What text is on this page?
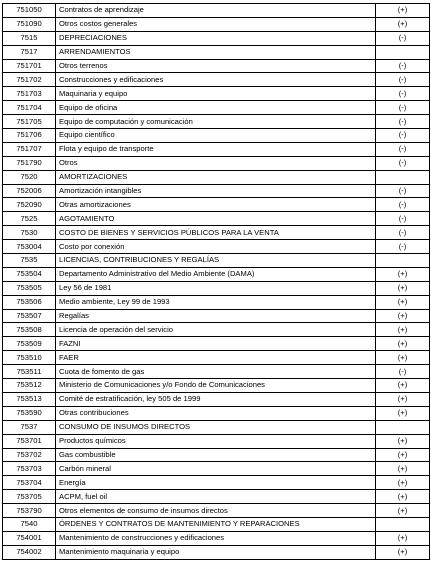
751050	Contratos de aprendizaje	(+)
751090	Otros costos generales	(+)
7515	DEPRECIACIONES	(-)
7517	ARRENDAMIENTOS	
751701	Otros terrenos	(-)
751702	Construcciones y edificaciones	(-)
751703	Maquinaria y equipo	(-)
751704	Equipo de oficina	(-)
751705	Equipo de computación y comunicación	(-)
751706	Equipo científico	(-)
751707	Flota y equipo de transporte	(-)
751790	Otros	(-)
7520	AMORTIZACIONES	
752006	Amortización intangibles	(-)
752090	Otras amortizaciones	(-)
7525	AGOTAMIENTO	(-)
7530	COSTO DE BIENES Y SERVICIOS PÚBLICOS PARA LA VENTA	(-)
753004	Costo por conexión	(-)
7535	LICENCIAS, CONTRIBUCIONES Y REGALÍAS	
753504	Departamento Administrativo del Medio Ambiente (DAMA)	(+)
753505	Ley 56 de 1981	(+)
753506	Medio ambiente, Ley 99 de 1993	(+)
753507	Regalías	(+)
753508	Licencia de operación del servicio	(+)
753509	FAZNI	(+)
753510	FAER	(+)
753511	Cuota de fomento de gas	(-)
753512	Ministerio de Comunicaciones y/o Fondo de Comunicaciones	(+)
753513	Comité de estratificación, ley 505 de 1999	(+)
753590	Otras contribuciones	(+)
7537	CONSUMO DE INSUMOS DIRECTOS	
753701	Productos químicos	(+)
753702	Gas combustible	(+)
753703	Carbón mineral	(+)
753704	Energía	(+)
753705	ACPM, fuel oil	(+)
753790	Otros elementos de consumo de insumos directos	(+)
7540	ÓRDENES Y CONTRATOS DE MANTENIMIENTO Y REPARACIONES	
754001	Mantenimiento de construcciones y edificaciones	(+)
754002	Mantenimiento maquinaria y equipo	(+)
